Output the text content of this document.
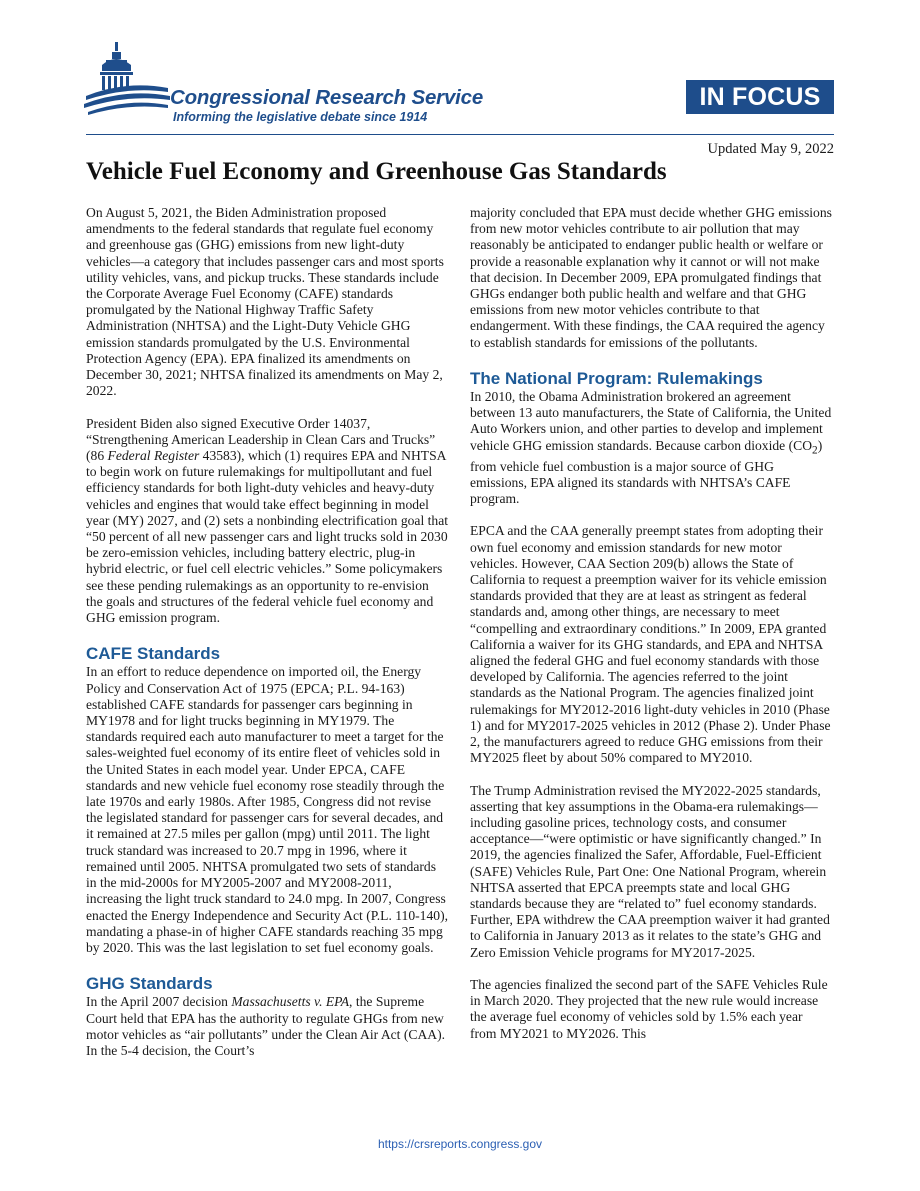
Congressional Research Service
Informing the legislative debate since 1914
IN FOCUS
Updated May 9, 2022
Vehicle Fuel Economy and Greenhouse Gas Standards

On August 5, 2021, the Biden Administration proposed amendments to the federal standards that regulate fuel economy and greenhouse gas (GHG) emissions from new light-duty vehicles—a category that includes passenger cars and most sports utility vehicles, vans, and pickup trucks. These standards include the Corporate Average Fuel Economy (CAFE) standards promulgated by the National Highway Traffic Safety Administration (NHTSA) and the Light-Duty Vehicle GHG emission standards promulgated by the U.S. Environmental Protection Agency (EPA). EPA finalized its amendments on December 30, 2021; NHTSA finalized its amendments on May 2, 2022.

President Biden also signed Executive Order 14037, “Strengthening American Leadership in Clean Cars and Trucks” (86 Federal Register 43583), which (1) requires EPA and NHTSA to begin work on future rulemakings for multipollutant and fuel efficiency standards for both light-duty vehicles and heavy-duty vehicles and engines that would take effect beginning in model year (MY) 2027, and (2) sets a nonbinding electrification goal that “50 percent of all new passenger cars and light trucks sold in 2030 be zero-emission vehicles, including battery electric, plug-in hybrid electric, or fuel cell electric vehicles.” Some policymakers see these pending rulemakings as an opportunity to re-envision the goals and structures of the federal vehicle fuel economy and GHG emission program.

CAFE Standards

In an effort to reduce dependence on imported oil, the Energy Policy and Conservation Act of 1975 (EPCA; P.L. 94-163) established CAFE standards for passenger cars beginning in MY1978 and for light trucks beginning in MY1979. The standards required each auto manufacturer to meet a target for the sales-weighted fuel economy of its entire fleet of vehicles sold in the United States in each model year. Under EPCA, CAFE standards and new vehicle fuel economy rose steadily through the late 1970s and early 1980s. After 1985, Congress did not revise the legislated standard for passenger cars for several decades, and it remained at 27.5 miles per gallon (mpg) until 2011. The light truck standard was increased to 20.7 mpg in 1996, where it remained until 2005. NHTSA promulgated two sets of standards in the mid-2000s for MY2005-2007 and MY2008-2011, increasing the light truck standard to 24.0 mpg. In 2007, Congress enacted the Energy Independence and Security Act (P.L. 110-140), mandating a phase-in of higher CAFE standards reaching 35 mpg by 2020. This was the last legislation to set fuel economy goals.

GHG Standards

In the April 2007 decision Massachusetts v. EPA, the Supreme Court held that EPA has the authority to regulate GHGs from new motor vehicles as “air pollutants” under the Clean Air Act (CAA). In the 5-4 decision, the Court’s

majority concluded that EPA must decide whether GHG emissions from new motor vehicles contribute to air pollution that may reasonably be anticipated to endanger public health or welfare or provide a reasonable explanation why it cannot or will not make that decision. In December 2009, EPA promulgated findings that GHGs endanger both public health and welfare and that GHG emissions from new motor vehicles contribute to that endangerment. With these findings, the CAA required the agency to establish standards for emissions of the pollutants.

The National Program: Rulemakings

In 2010, the Obama Administration brokered an agreement between 13 auto manufacturers, the State of California, the United Auto Workers union, and other parties to develop and implement vehicle GHG emission standards. Because carbon dioxide $(CO_2)$ from vehicle fuel combustion is a major source of GHG emissions, EPA aligned its standards with NHTSA’s CAFE program.

EPCA and the CAA generally preempt states from adopting their own fuel economy and emission standards for new motor vehicles. However, CAA Section 209(b) allows the State of California to request a preemption waiver for its vehicle emission standards provided that they are at least as stringent as federal standards and, among other things, are necessary to meet “compelling and extraordinary conditions.” In 2009, EPA granted California a waiver for its GHG standards, and EPA and NHTSA aligned the federal GHG and fuel economy standards with those developed by California. The agencies referred to the joint standards as the National Program. The agencies finalized joint rulemakings for MY2012-2016 light-duty vehicles in 2010 (Phase 1) and for MY2017-2025 vehicles in 2012 (Phase 2). Under Phase 2, the manufacturers agreed to reduce GHG emissions from their MY2025 fleet by about 50% compared to MY2010.

The Trump Administration revised the MY2022-2025 standards, asserting that key assumptions in the Obama-era rulemakings—including gasoline prices, technology costs, and consumer acceptance—“were optimistic or have significantly changed.” In 2019, the agencies finalized the Safer, Affordable, Fuel-Efficient (SAFE) Vehicles Rule, Part One: One National Program, wherein NHTSA asserted that EPCA preempts state and local GHG standards because they are “related to” fuel economy standards. Further, EPA withdrew the CAA preemption waiver it had granted to California in January 2013 as it relates to the state’s GHG and Zero Emission Vehicle programs for MY2017-2025.

The agencies finalized the second part of the SAFE Vehicles Rule in March 2020. They projected that the new rule would increase the average fuel economy of vehicles sold by 1.5% each year from MY2021 to MY2026. This

https://crsreports.congress.gov
